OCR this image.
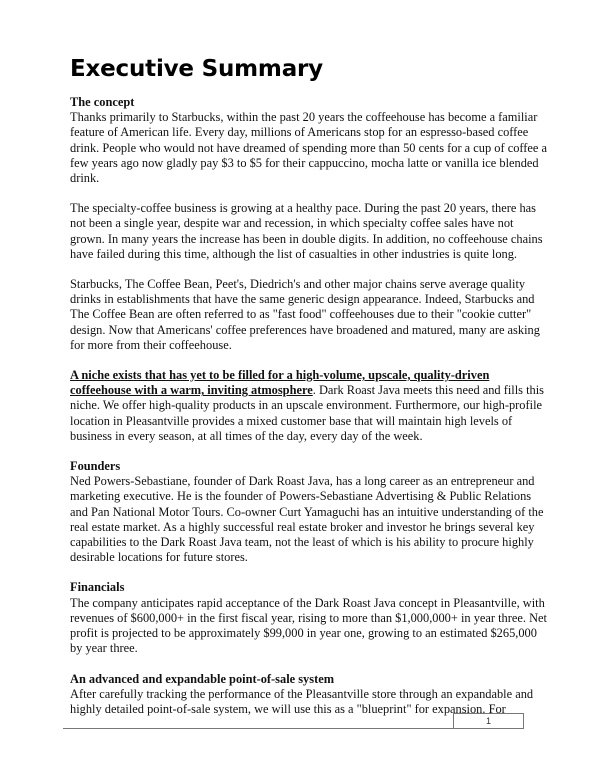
Executive Summary
The concept

Thanks primarily to Starbucks, within the past 20 years the coffeehouse has become a familiar feature of American life. Every day, millions of Americans stop for an espresso-based coffee drink. People who would not have dreamed of spending more than 50 cents for a cup of coffee a few years ago now gladly pay $3 to $5 for their cappuccino, mocha latte or vanilla ice blended drink.

The specialty-coffee business is growing at a healthy pace. During the past 20 years, there has not been a single year, despite war and recession, in which specialty coffee sales have not grown. In many years the increase has been in double digits. In addition, no coffeehouse chains have failed during this time, although the list of casualties in other industries is quite long.

Starbucks, The Coffee Bean, Peet's, Diedrich's and other major chains serve average quality drinks in establishments that have the same generic design appearance. Indeed, Starbucks and The Coffee Bean are often referred to as "fast food" coffeehouses due to their "cookie cutter" design. Now that Americans' coffee preferences have broadened and matured, many are asking for more from their coffeehouse.

A niche exists that has yet to be filled for a high-volume, upscale, quality-driven coffeehouse with a warm, inviting atmosphere. Dark Roast Java meets this need and fills this niche. We offer high-quality products in an upscale environment. Furthermore, our high-profile location in Pleasantville provides a mixed customer base that will maintain high levels of business in every season, at all times of the day, every day of the week.

Founders

Ned Powers-Sebastiane, founder of Dark Roast Java, has a long career as an entrepreneur and marketing executive. He is the founder of Powers-Sebastiane Advertising & Public Relations and Pan National Motor Tours. Co-owner Curt Yamaguchi has an intuitive understanding of the real estate market. As a highly successful real estate broker and investor he brings several key capabilities to the Dark Roast Java team, not the least of which is his ability to procure highly desirable locations for future stores.

Financials

The company anticipates rapid acceptance of the Dark Roast Java concept in Pleasantville, with revenues of $600,000+ in the first fiscal year, rising to more than $1,000,000+ in year three. Net profit is projected to be approximately $99,000 in year one, growing to an estimated $265,000 by year three.

An advanced and expandable point-of-sale system

After carefully tracking the performance of the Pleasantville store through an expandable and highly detailed point-of-sale system, we will use this as a "blueprint" for expansion. For

1
